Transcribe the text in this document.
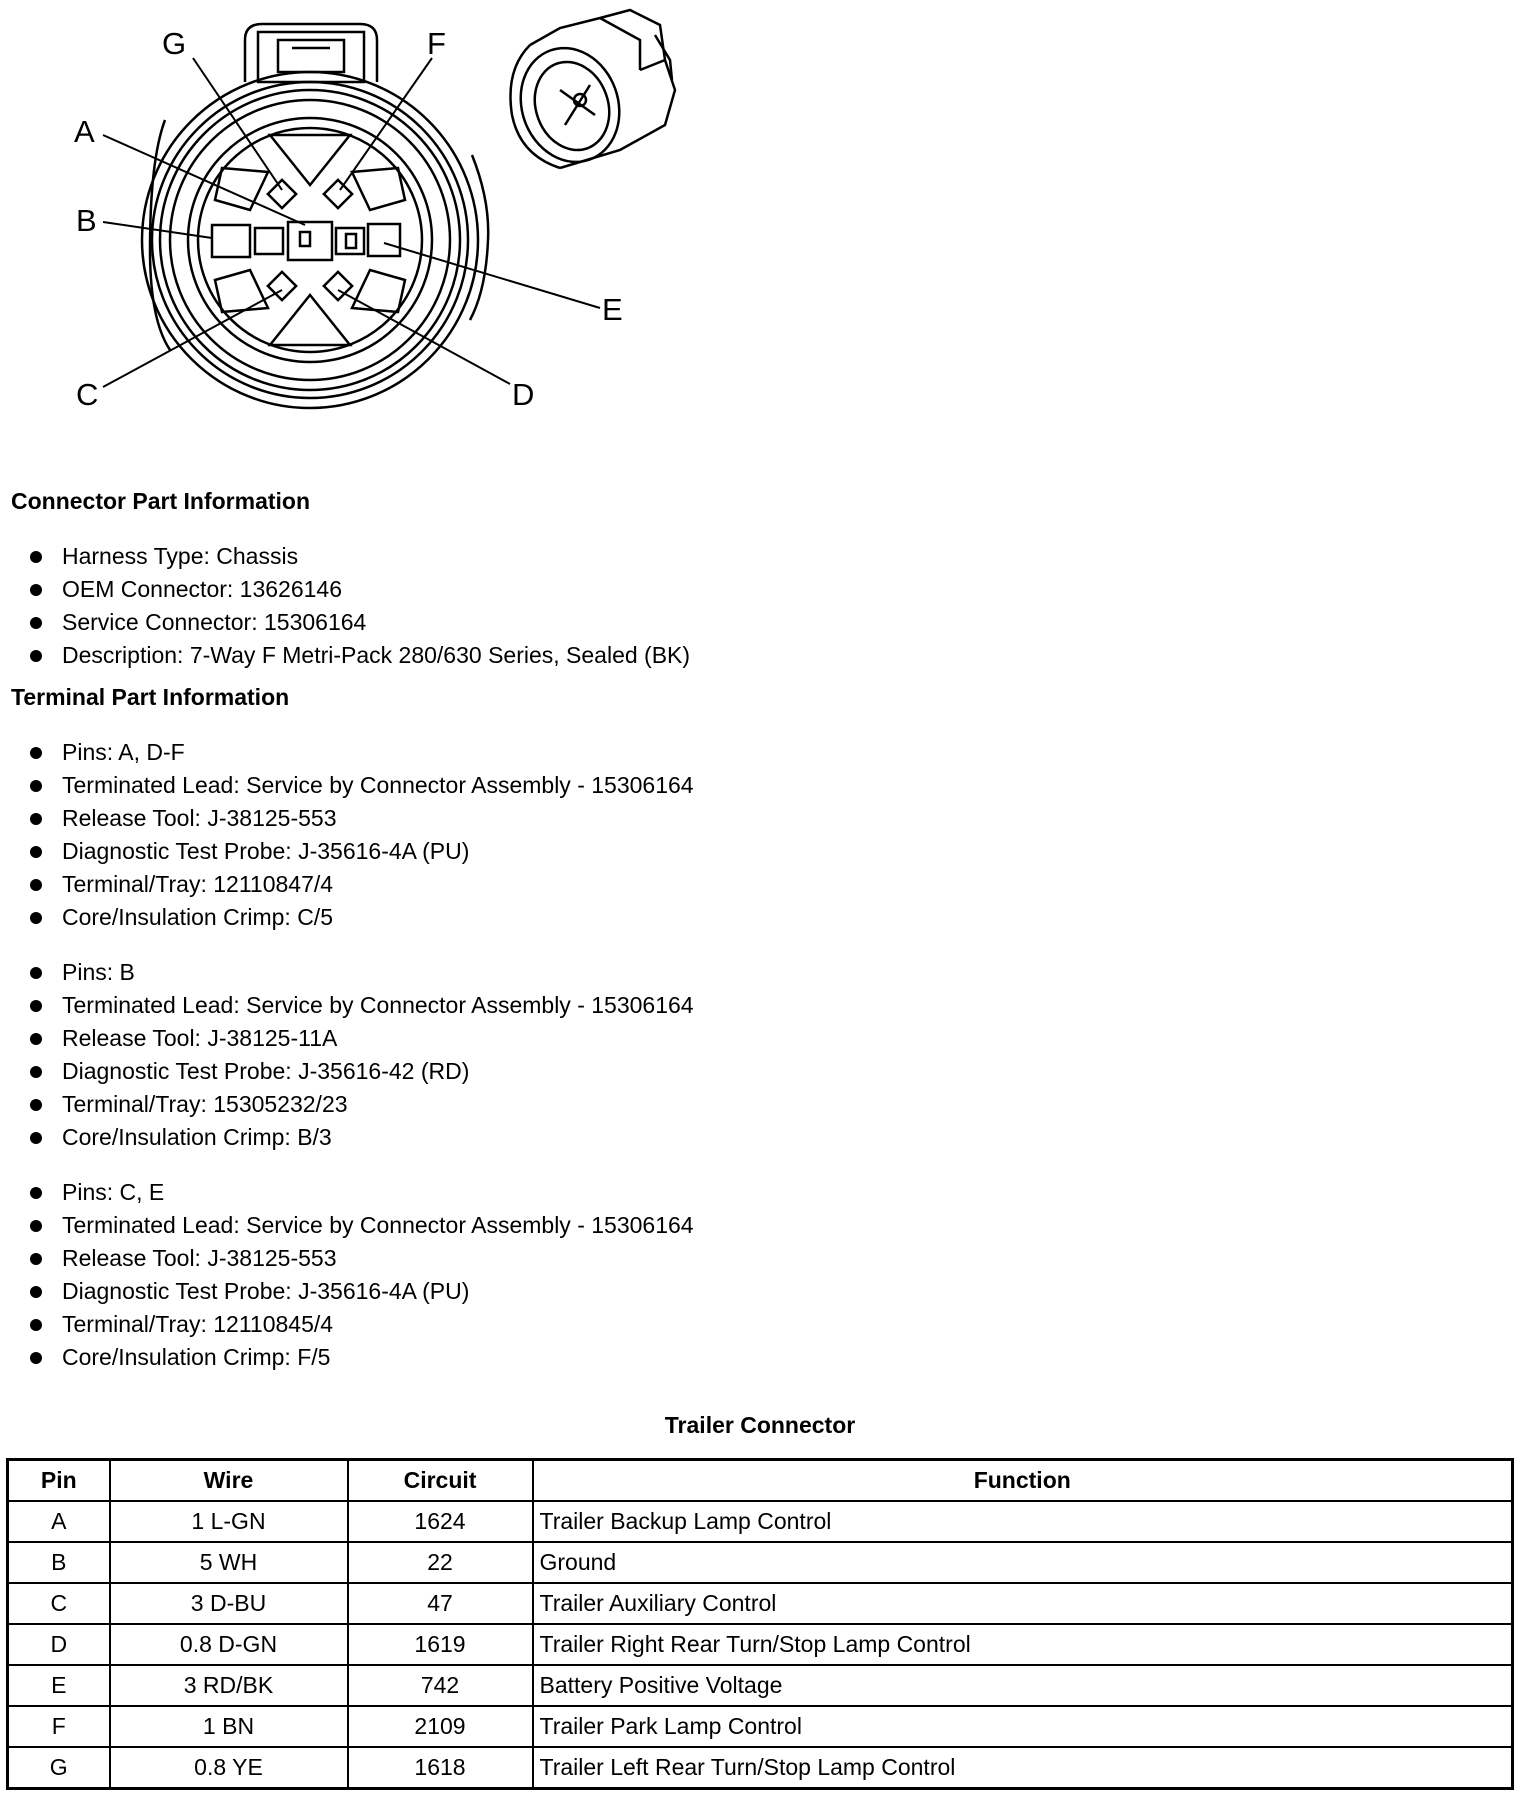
G	F
A
B
E
C	D
Connector Part Information
Harness Type: Chassis
OEM Connector: 13626146
Service Connector: 15306164
Description: 7-Way F Metri-Pack 280/630 Series, Sealed (BK)
Terminal Part Information
Pins: A, D-F
Terminated Lead: Service by Connector Assembly - 15306164
Release Tool: J-38125-553
Diagnostic Test Probe: J-35616-4A (PU)
Terminal/Tray: 12110847/4
Core/Insulation Crimp: C/5
Pins: B
Terminated Lead: Service by Connector Assembly - 15306164
Release Tool: J-38125-11A
Diagnostic Test Probe: J-35616-42 (RD)
Terminal/Tray: 15305232/23
Core/Insulation Crimp: B/3
Pins: C, E
Terminated Lead: Service by Connector Assembly - 15306164
Release Tool: J-38125-553
Diagnostic Test Probe: J-35616-4A (PU)
Terminal/Tray: 12110845/4
Core/Insulation Crimp: F/5
Trailer Connector
Pin	Wire	Circuit	Function
A	1 L-GN	1624	Trailer Backup Lamp Control
B	5 WH	22	Ground
C	3 D-BU	47	Trailer Auxiliary Control
D	0.8 D-GN	1619	Trailer Right Rear Turn/Stop Lamp Control
E	3 RD/BK	742	Battery Positive Voltage
F	1 BN	2109	Trailer Park Lamp Control
G	0.8 YE	1618	Trailer Left Rear Turn/Stop Lamp Control
